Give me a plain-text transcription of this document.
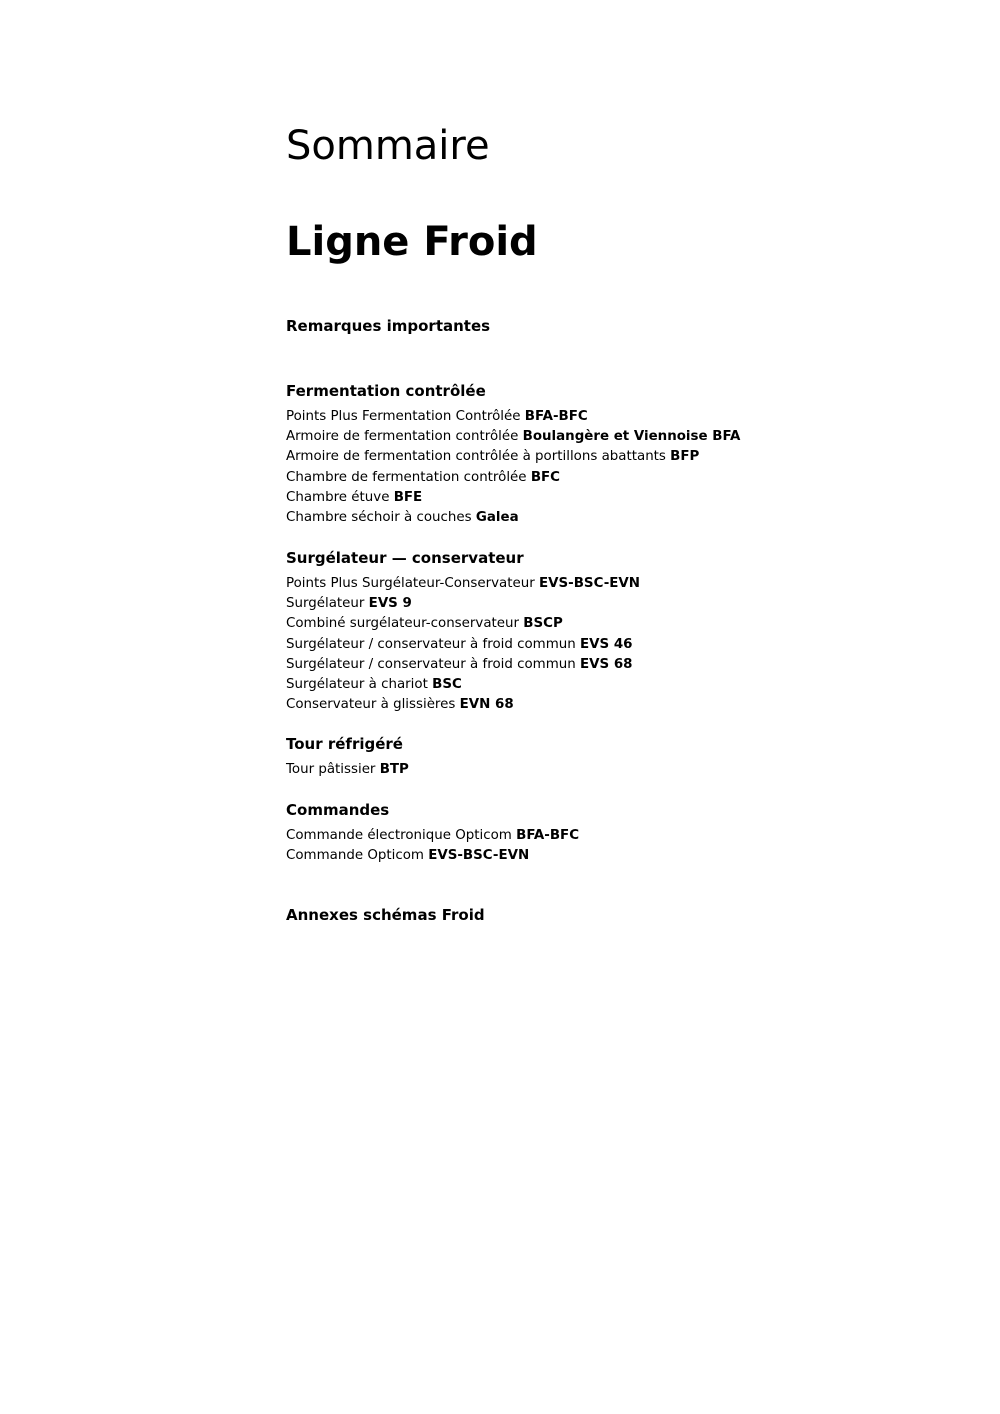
Sommaire
Ligne Froid
Remarques importantes
Fermentation contrôlée
Points Plus Fermentation Contrôlée BFA-BFC
Armoire de fermentation contrôlée Boulangère et Viennoise BFA
Armoire de fermentation contrôlée à portillons abattants BFP
Chambre de fermentation contrôlée BFC
Chambre étuve BFE
Chambre séchoir à couches Galea
Surgélateur — conservateur
Points Plus Surgélateur-Conservateur EVS-BSC-EVN
Surgélateur EVS 9
Combiné surgélateur-conservateur BSCP
Surgélateur / conservateur à froid commun EVS 46
Surgélateur / conservateur à froid commun EVS 68
Surgélateur à chariot BSC
Conservateur à glissières EVN 68
Tour réfrigéré
Tour pâtissier BTP
Commandes
Commande électronique Opticom BFA-BFC
Commande Opticom EVS-BSC-EVN
Annexes schémas Froid
